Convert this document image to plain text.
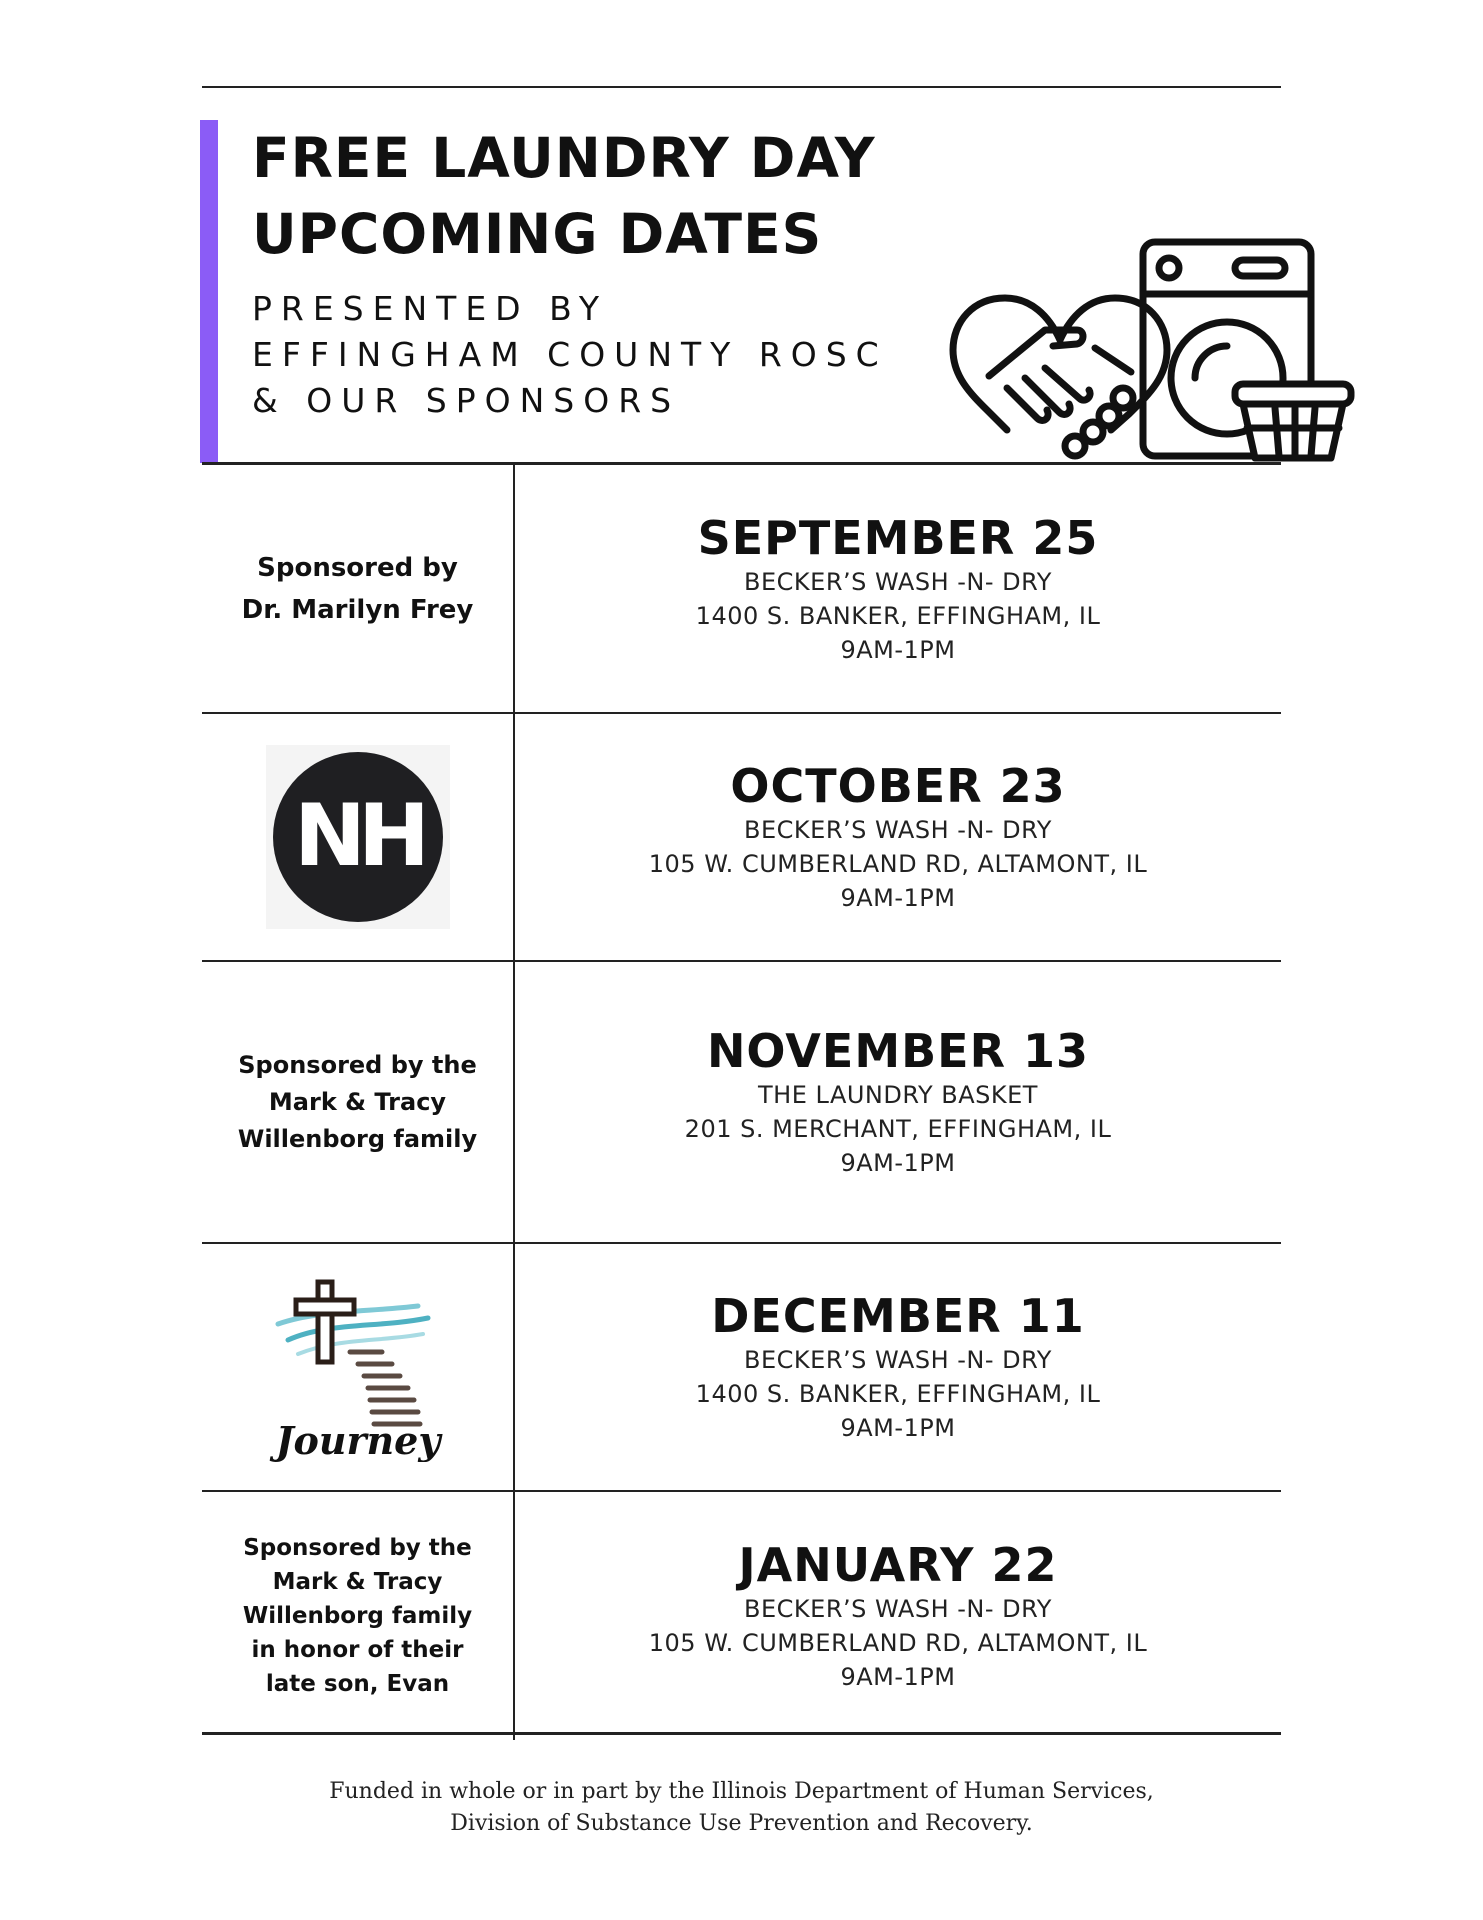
FREE LAUNDRY DAY
UPCOMING DATES
PRESENTED BY
EFFINGHAM COUNTY ROSC
& OUR SPONSORS
Sponsored by
Dr. Marilyn Frey
SEPTEMBER 25
BECKER’S WASH -N- DRY
1400 S. BANKER, EFFINGHAM, IL
9AM-1PM
NH	OCTOBER 23
BECKER’S WASH -N- DRY
105 W. CUMBERLAND RD, ALTAMONT, IL
9AM-1PM
Sponsored by the
Mark & Tracy
Willenborg family
NOVEMBER 13
THE LAUNDRY BASKET
201 S. MERCHANT, EFFINGHAM, IL
9AM-1PM
Journey
DECEMBER 11
BECKER’S WASH -N- DRY
1400 S. BANKER, EFFINGHAM, IL
9AM-1PM
Sponsored by the
Mark & Tracy
Willenborg family
in honor of their
late son, Evan
JANUARY 22
BECKER’S WASH -N- DRY
105 W. CUMBERLAND RD, ALTAMONT, IL
9AM-1PM
Funded in whole or in part by the Illinois Department of Human Services,
Division of Substance Use Prevention and Recovery.
